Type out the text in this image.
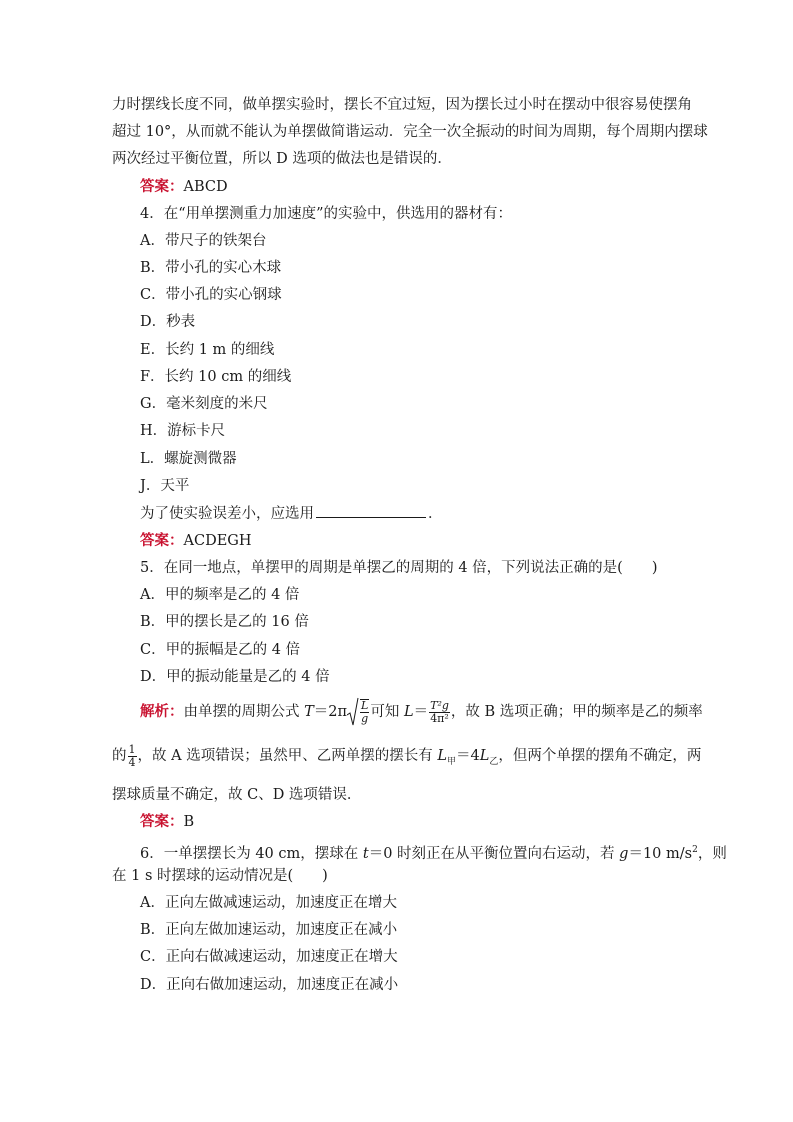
力时摆线长度不同，做单摆实验时，摆长不宜过短，因为摆长过小时在摆动中很容易使摆角
超过 10°，从而就不能认为单摆做简谐运动．完全一次全振动的时间为周期，每个周期内摆球
两次经过平衡位置，所以 D 选项的做法也是错误的．
答案：ABCD
4．在“用单摆测重力加速度”的实验中，供选用的器材有：
A．带尺子的铁架台
B．带小孔的实心木球
C．带小孔的实心钢球
D．秒表
E．长约 1 m 的细线
F．长约 10 cm 的细线
G．毫米刻度的米尺
H．游标卡尺
L．螺旋测微器
J．天平
为了使实验误差小，应选用	．
答案：ACDEGH
5．在同一地点，单摆甲的周期是单摆乙的周期的 4 倍，下列说法正确的是(　　)
A．甲的频率是乙的 4 倍
B．甲的摆长是乙的 16 倍
C．甲的振幅是乙的 4 倍
D．甲的振动能量是乙的 4 倍
解析：由单摆的周期公式 $T=2\pi \frac{L}{g}$ 可知 $L= \frac{\text{T²g}}{\text{4π²}}$ ，故 B 选项正确；甲的频率是乙的频率
的 $\frac{1}{4}$ ，故 A 选项错误；虽然甲、乙两单摆的摆长有 $L_甲=4L_乙$，但两个单摆的摆角不确定，两
摆球质量不确定，故 C、D 选项错误．
答案：B
6．一单摆摆长为 40 cm，摆球在 t＝0 时刻正在从平衡位置向右运动，若 g＝10 $m/s^2$，则
在 1 s 时摆球的运动情况是(　　)
A．正向左做减速运动，加速度正在增大
B．正向左做加速运动，加速度正在减小
C．正向右做减速运动，加速度正在增大
D．正向右做加速运动，加速度正在减小
